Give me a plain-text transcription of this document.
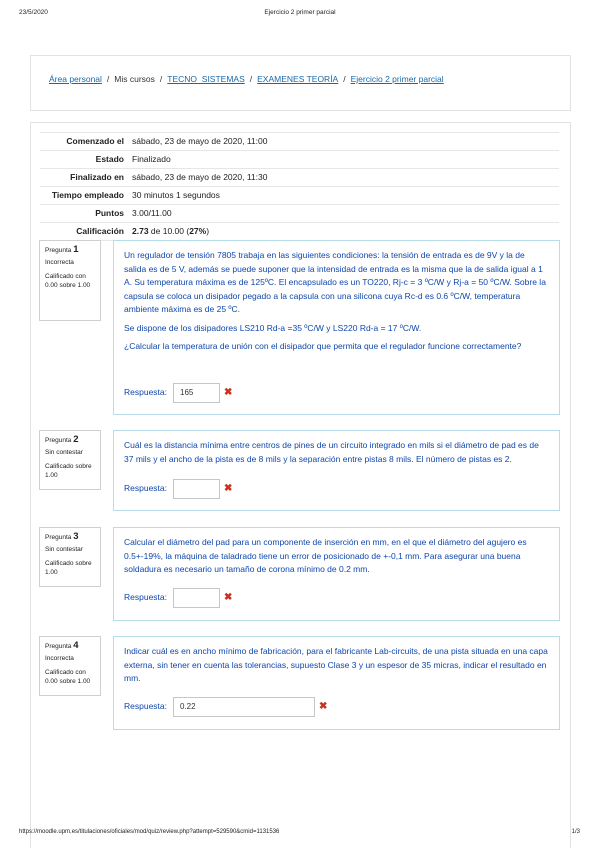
23/5/2020	Ejercicio 2 primer parcial
Área personal / Mis cursos / TECNO_SISTEMAS / EXAMENES TEORÍA / Ejercicio 2 primer parcial
Comenzado el	sábado, 23 de mayo de 2020, 11:00
Estado	Finalizado
Finalizado en	sábado, 23 de mayo de 2020, 11:30
Tiempo empleado	30 minutos 1 segundos
Puntos	3.00/11.00
Calificación	2.73 de 10.00 (27%)
Pregunta 1
Incorrecta
Calificado con 0.00 sobre 1.00

Un regulador de tensión 7805 trabaja en las siguientes condiciones: la tensión de entrada es de 9V y la de salida es de 5 V, además se puede suponer que la intensidad de entrada es la misma que la de salida igual a 1 A. Su temperatura máxima es de 125ºC. El encapsulado es un TO220, Rj-c = 3 ºC/W y Rj-a = 50 ºC/W. Sobre la capsula se coloca un disipador pegado a la capsula con una silicona cuya Rc-d es 0.6 ºC/W, temperatura ambiente máxima es de 25 ºC.

Se dispone de los disipadores LS210 Rd-a =35 ºC/W y LS220 Rd-a = 17 ºC/W.

¿Calcular la temperatura de unión con el disipador que permita que el regulador funcione correctamente?

Respuesta:	165	✖
Pregunta 2
Sin contestar
Calificado sobre 1.00

Cuál es la distancia mínima entre centros de pines de un circuito integrado en mils si el diámetro de pad es de 37 mils y el ancho de la pista es de 8 mils y la separación entre pistas 8 mils. El número de pistas es 2.

Respuesta:	✖
Pregunta 3
Sin contestar
Calificado sobre 1.00

Calcular el diámetro del pad para un componente de inserción en mm, en el que el diámetro del agujero es 0.5+-19%, la máquina de taladrado tiene un error de posicionado de +-0,1 mm. Para asegurar una buena soldadura es necesario un tamaño de corona mínimo de 0.2 mm.

Respuesta:	✖
Pregunta 4
Incorrecta
Calificado con 0.00 sobre 1.00

Indicar cuál es en ancho mínimo de fabricación, para el fabricante Lab-circuits, de una pista situada en una capa externa, sin tener en cuenta las tolerancias, supuesto Clase 3 y un espesor de 35 micras, indicar el resultado en mm.

Respuesta:	0.22	✖
https://moodle.upm.es/titulaciones/oficiales/mod/quiz/review.php?attempt=529590&cmid=1131536	1/3
